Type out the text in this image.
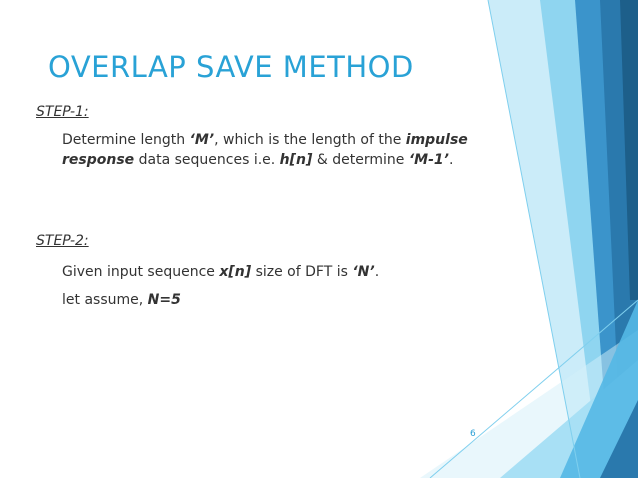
OVERLAP SAVE METHOD

STEP-1:

Determine length ‘M’, which is the length of the impulse
response data sequences i.e. h[n] & determine ‘M-1’.

STEP-2:

Given input sequence x[n] size of DFT is ‘N’.

let assume, N=5

6
